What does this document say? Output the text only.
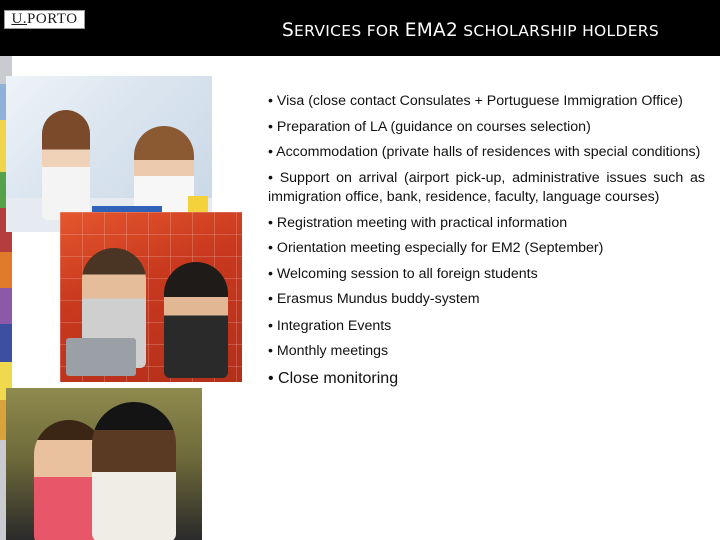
U. PORTO
SERVICES FOR EMA2 SCHOLARSHIP HOLDERS
• Visa (close contact Consulates + Portuguese Immigration Office)
• Preparation of LA (guidance on courses selection)
• Accommodation (private halls of residences with special conditions)
• Support on arrival (airport pick-up, administrative issues such as immigration office, bank, residence, faculty, language courses)
• Registration meeting with practical information
• Orientation meeting especially for EM2 (September)
• Welcoming session to all foreign students
• Erasmus Mundus buddy-system
• Integration Events
• Monthly meetings
• Close monitoring
